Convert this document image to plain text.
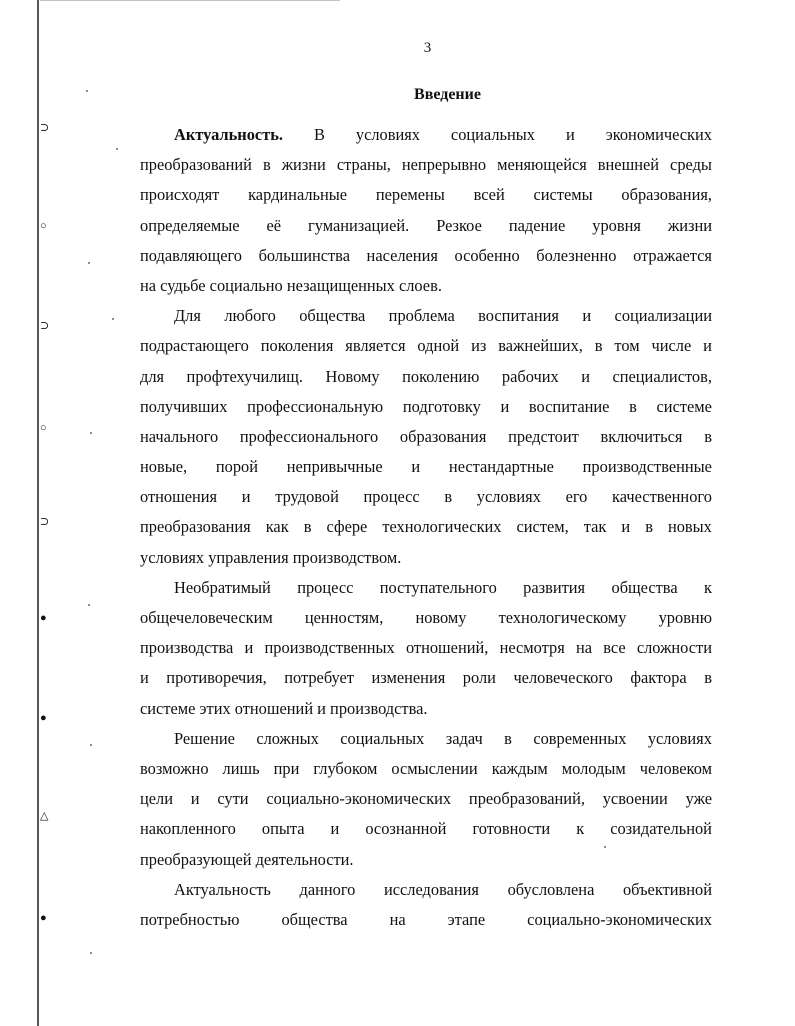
⊃
○
⊃
○
⊃
●
●
△
●
3
Введение
Актуальность. В условиях социальных и экономических
преобразований в жизни страны, непрерывно меняющейся внешней среды
происходят кардинальные перемены всей системы образования,
определяемые её гуманизацией. Резкое падение уровня жизни
подавляющего большинства населения особенно болезненно отражается
на судьбе социально незащищенных слоев.
Для любого общества проблема воспитания и социализации
подрастающего поколения является одной из важнейших, в том числе и
для профтехучилищ. Новому поколению рабочих и специалистов,
получивших профессиональную подготовку и воспитание в системе
начального профессионального образования предстоит включиться в
новые, порой непривычные и нестандартные производственные
отношения и трудовой процесс в условиях его качественного
преобразования как в сфере технологических систем, так и в новых
условиях управления производством.
Необратимый процесс поступательного развития общества к
общечеловеческим ценностям, новому технологическому уровню
производства и производственных отношений, несмотря на все сложности
и противоречия, потребует изменения роли человеческого фактора в
системе этих отношений и производства.
Решение сложных социальных задач в современных условиях
возможно лишь при глубоком осмыслении каждым молодым человеком
цели и сути социально-экономических преобразований, усвоении уже
накопленного опыта и осознанной готовности к созидательной
преобразующей деятельности.
Актуальность данного исследования обусловлена объективной
потребностью	общества	на	этапе	социально-экономических
